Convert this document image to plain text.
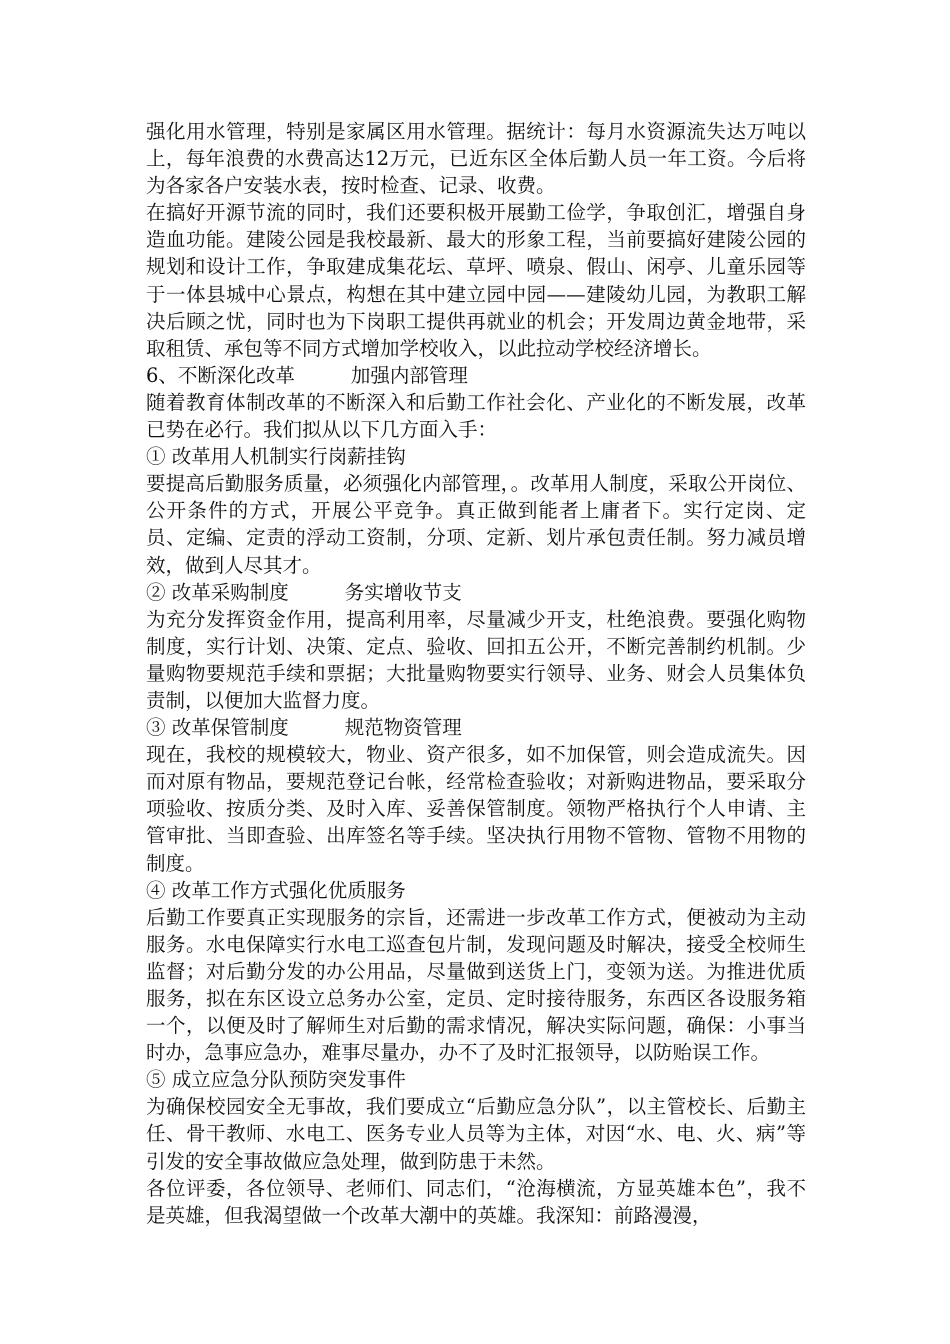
强化用水管理，特别是家属区用水管理。据统计：每月水资源流失达万吨以上，每年浪费的水费高达12万元，已近东区全体后勤人员一年工资。今后将为各家各户安装水表，按时检查、记录、收费。

在搞好开源节流的同时，我们还要积极开展勤工俭学，争取创汇，增强自身造血功能。建陵公园是我校最新、最大的形象工程，当前要搞好建陵公园的规划和设计工作，争取建成集花坛、草坪、喷泉、假山、闲亭、儿童乐园等于一体县城中心景点，构想在其中建立园中园——建陵幼儿园，为教职工解决后顾之忧，同时也为下岗职工提供再就业的机会；开发周边黄金地带，采取租赁、承包等不同方式增加学校收入，以此拉动学校经济增长。

6、不断深化改革	加强内部管理

随着教育体制改革的不断深入和后勤工作社会化、产业化的不断发展，改革已势在必行。我们拟从以下几方面入手：

① 改革用人机制实行岗薪挂钩

要提高后勤服务质量，必须强化内部管理，。改革用人制度，采取公开岗位、公开条件的方式，开展公平竞争。真正做到能者上庸者下。实行定岗、定员、定编、定责的浮动工资制，分项、定新、划片承包责任制。努力减员增效，做到人尽其才。

② 改革采购制度	务实增收节支

为充分发挥资金作用，提高利用率，尽量减少开支，杜绝浪费。要强化购物制度，实行计划、决策、定点、验收、回扣五公开，不断完善制约机制。少量购物要规范手续和票据；大批量购物要实行领导、业务、财会人员集体负责制，以便加大监督力度。

③ 改革保管制度	规范物资管理

现在，我校的规模较大，物业、资产很多，如不加保管，则会造成流失。因而对原有物品，要规范登记台帐，经常检查验收；对新购进物品，要采取分项验收、按质分类、及时入库、妥善保管制度。领物严格执行个人申请、主管审批、当即查验、出库签名等手续。坚决执行用物不管物、管物不用物的制度。

④ 改革工作方式强化优质服务

后勤工作要真正实现服务的宗旨，还需进一步改革工作方式，便被动为主动服务。水电保障实行水电工巡查包片制，发现问题及时解决，接受全校师生监督；对后勤分发的办公用品，尽量做到送货上门，变领为送。为推进优质服务，拟在东区设立总务办公室，定员、定时接待服务，东西区各设服务箱一个，以便及时了解师生对后勤的需求情况，解决实际问题，确保：小事当时办，急事应急办，难事尽量办，办不了及时汇报领导，以防贻误工作。

⑤ 成立应急分队预防突发事件

为确保校园安全无事故，我们要成立“后勤应急分队”，以主管校长、后勤主任、骨干教师、水电工、医务专业人员等为主体，对因“水、电、火、病”等引发的安全事故做应急处理，做到防患于未然。

各位评委，各位领导、老师们、同志们，“沧海横流，方显英雄本色”，我不是英雄，但我渴望做一个改革大潮中的英雄。我深知：前路漫漫，
